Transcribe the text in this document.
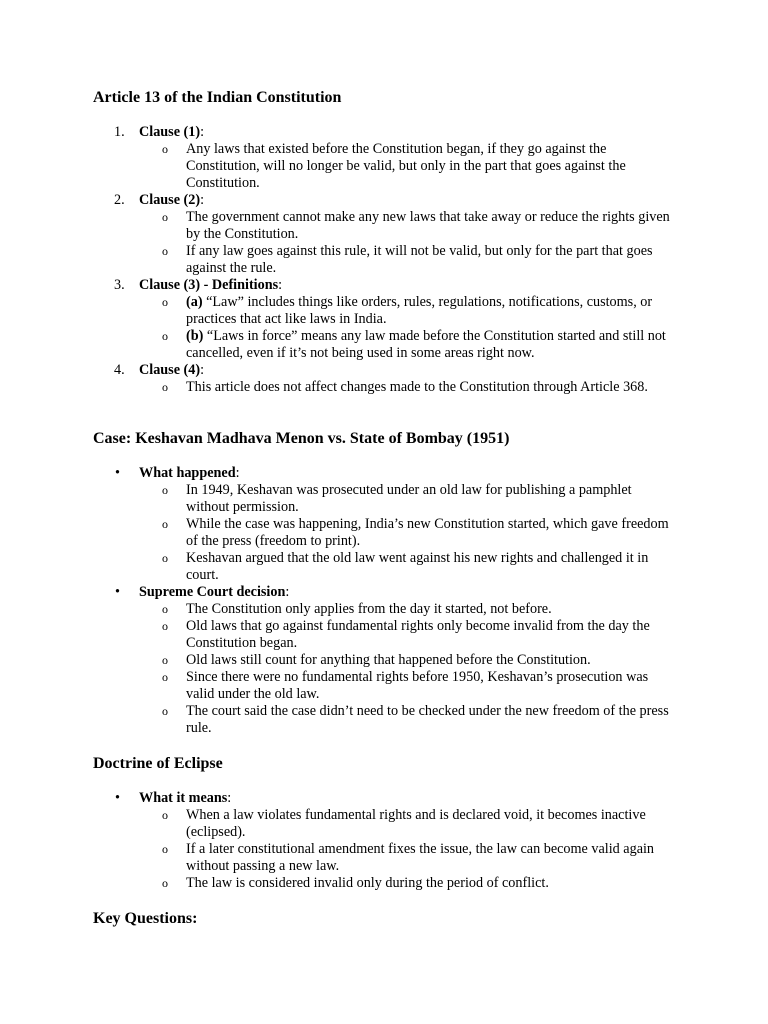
Article 13 of the Indian Constitution
1. Clause (1):
o Any laws that existed before the Constitution began, if they go against the Constitution, will no longer be valid, but only in the part that goes against the Constitution.
2. Clause (2):
o The government cannot make any new laws that take away or reduce the rights given by the Constitution.
o If any law goes against this rule, it will not be valid, but only for the part that goes against the rule.
3. Clause (3) - Definitions:
o (a) “Law” includes things like orders, rules, regulations, notifications, customs, or practices that act like laws in India.
o (b) “Laws in force” means any law made before the Constitution started and still not cancelled, even if it’s not being used in some areas right now.
4. Clause (4):
o This article does not affect changes made to the Constitution through Article 368.
Case: Keshavan Madhava Menon vs. State of Bombay (1951)
• What happened:
o In 1949, Keshavan was prosecuted under an old law for publishing a pamphlet without permission.
o While the case was happening, India’s new Constitution started, which gave freedom of the press (freedom to print).
o Keshavan argued that the old law went against his new rights and challenged it in court.
• Supreme Court decision:
o The Constitution only applies from the day it started, not before.
o Old laws that go against fundamental rights only become invalid from the day the Constitution began.
o Old laws still count for anything that happened before the Constitution.
o Since there were no fundamental rights before 1950, Keshavan’s prosecution was valid under the old law.
o The court said the case didn’t need to be checked under the new freedom of the press rule.
Doctrine of Eclipse
• What it means:
o When a law violates fundamental rights and is declared void, it becomes inactive (eclipsed).
o If a later constitutional amendment fixes the issue, the law can become valid again without passing a new law.
o The law is considered invalid only during the period of conflict.
Key Questions:
